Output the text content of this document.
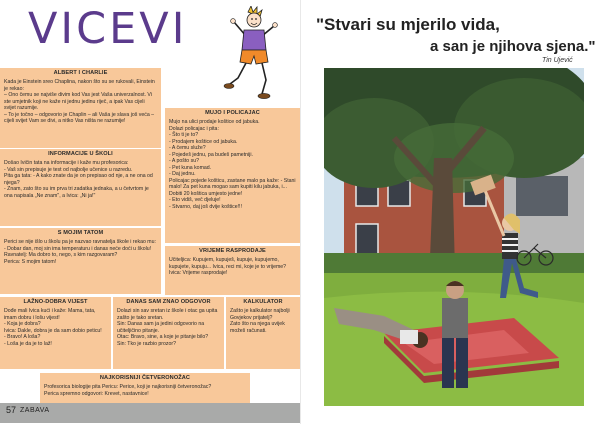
VICEVI
ALBERT I CHARLIE
Kada je Einstein sreo Chaplina, nakon što su se rukovali, Einstein je rekao:
– Ono čemu se najviše divim kod Vas jest Vaša univerzalnost. Vi ste umjetnik koji ne kaže ni jednu jedinu riječ, a ipak Vas cijeli svijet razumije.
– To je točno – odgovorio je Chaplin – ali Vaša je slava još veća – cijeli svijet Vam se divi, a nitko Vas ništa ne razumije!
INFORMACIJE U ŠKOLI
Došao Ivičin tata na informacije i kaže mu profesorica:
- Vaš sin prepisuje je test od najbolje učenice u razredu.
Pita ga tata: - A kako znate da je on prepisao od nje, a ne ona od njega?
- Znam, zato što su im prva tri zadatka jednaka, a u četvrtom je ona napisala „Ne znam", a Ivica: „Ni ja!"
S MOJIM TATOM
Perici se nije išlo u školu pa je nazvao ravnatelja škole i rekao mu:
- Dobar dan, moj sin ima temperaturu i danas neće doći u školu!
Ravnatelj: Ma dobro to, nego, s kim razgovaram?
Perica: S mojim tatom!
LAŽNO-DOBRA VIJEST
Dođe mali Ivica kući i kaže: Mama, tata, imam dobru i lošu vijest!
- Koja je dobra?
Ivica: Dakle, dobra je da sam dobio peticu!
- Bravo! A loša?
- Loša je da je to laž!
DANAS SAM ZNAO ODGOVOR
Dolazi sin sav sretan iz škole i otac ga upita zašto je tako sretan.
Sin: Danas sam ja jedini odgovorio na učiteljičino pitanje.
Otac: Bravo, sine, a koje je pitanje bilo?
Sin: Tko je razbio prozor?
MUJO I POLICAJAC
Mujo na ulici prodaje koštice od jabuka.
Dolazi policajac i pita:
- Što ti je to?
- Prodajem koštice od jabuka.
- A čemu služe?
- Pojedeš jednu, pa budeš pametniji.
- A pošto su?
- Pet kuna komad.
- Daj jednu.
Policajac pojede košticu, zastane malo pa kaže: - Stani malo! Za pet kuna mogao sam kupiti kilu jabuka, i... Dobiti 20 koštica umjesto jedne!
- Eto vidiš, več djeluje!
- Stvarno, daj još dvije koštice!!!
VRIJEME RASPRODAJE
Učiteljica: Kupujem, kupuješ, kupuje, kupujemo, kupujete, kupuju... Ivica, reci mi, koje je to vrijeme?
Ivica: Vrijeme rasprodaje!
KALKULATOR
Zašto je kalkulator najbolji Govjekov prijatelj?
Zato što na njega uvijek možeš računati.
NAJKORISNIJI ČETVERONOŽAC
Profesorica biologije pita Pericu: Perice, koji je najkorisniji četveronožac?
Perica spremno odgovori: Krevet, nastavnice!
57 ZABAVA
"Stvari su mjerilo vida,
a san je njihova sjena."
Tin Ujević
